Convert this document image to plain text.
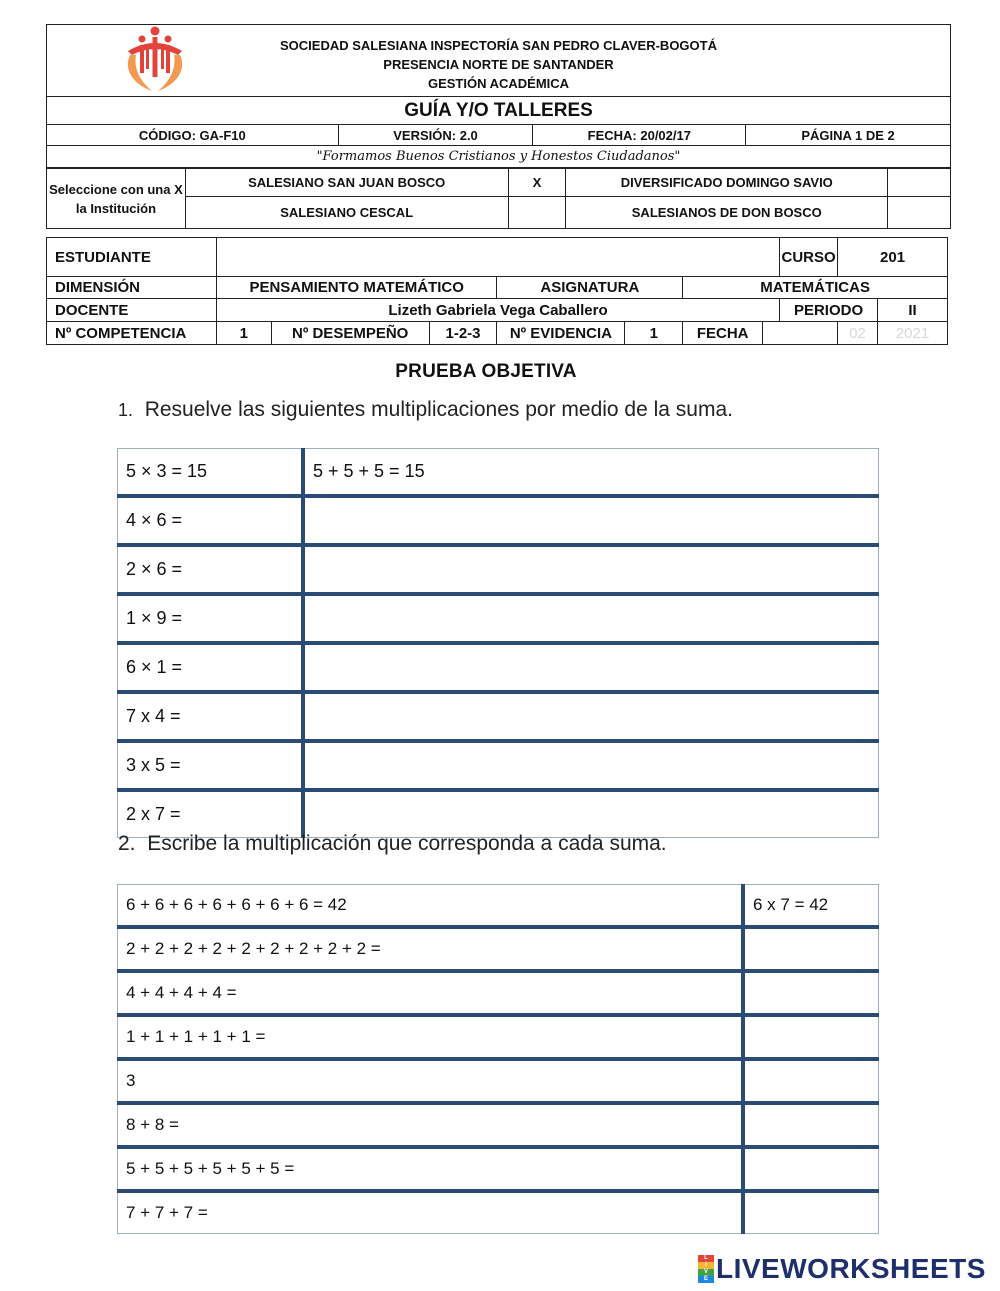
SOCIEDAD SALESIANA INSPECTORÍA SAN PEDRO CLAVER-BOGOTÁ
PRESENCIA NORTE DE SANTANDER
GESTIÓN ACADÉMICA

GUÍA Y/O TALLERES
CÓDIGO: GA-F10	VERSIÓN: 2.0	FECHA: 20/02/17	PÁGINA 1 DE 2
"Formamos Buenos Cristianos y Honestos Ciudadanos"
Seleccione con una X la Institución	SALESIANO SAN JUAN BOSCO	X	DIVERSIFICADO DOMINGO SAVIO	
	SALESIANO CESCAL		SALESIANOS DE DON BOSCO	
ESTUDIANTE								CURSO	201	
DIMENSIÓN	PENSAMIENTO MATEMÁTICO			ASIGNATURA		MATEMÁTICAS				
DOCENTE	Lizeth Gabriela Vega Caballero							PERIODO		II
Nº COMPETENCIA	1	Nº DESEMPEÑO	1-2-3	Nº EVIDENCIA	1	FECHA			02	2021
PRUEBA OBJETIVA
1. Resuelve las siguientes multiplicaciones por medio de la suma.
5 × 3 = 15	5 + 5 + 5 = 15
4 × 6 =	
2 × 6 =	
1 × 9 =	
6 × 1 =	
7 x 4 =	
3 x 5 =	
2 x 7 =	
2. Escribe la multiplicación que corresponda a cada suma.
6 + 6 + 6 + 6 + 6 + 6 + 6 = 42	6 x 7 = 42
2 + 2 + 2 + 2 + 2 + 2 + 2 + 2 + 2 =	
4 + 4 + 4 + 4 =	
1 + 1 + 1 + 1 + 1 =	
3	
8 + 8 =	
5 + 5 + 5 + 5 + 5 + 5 =	
7 + 7 + 7 =	
L
I
V
E LIVEWORKSHEETS
